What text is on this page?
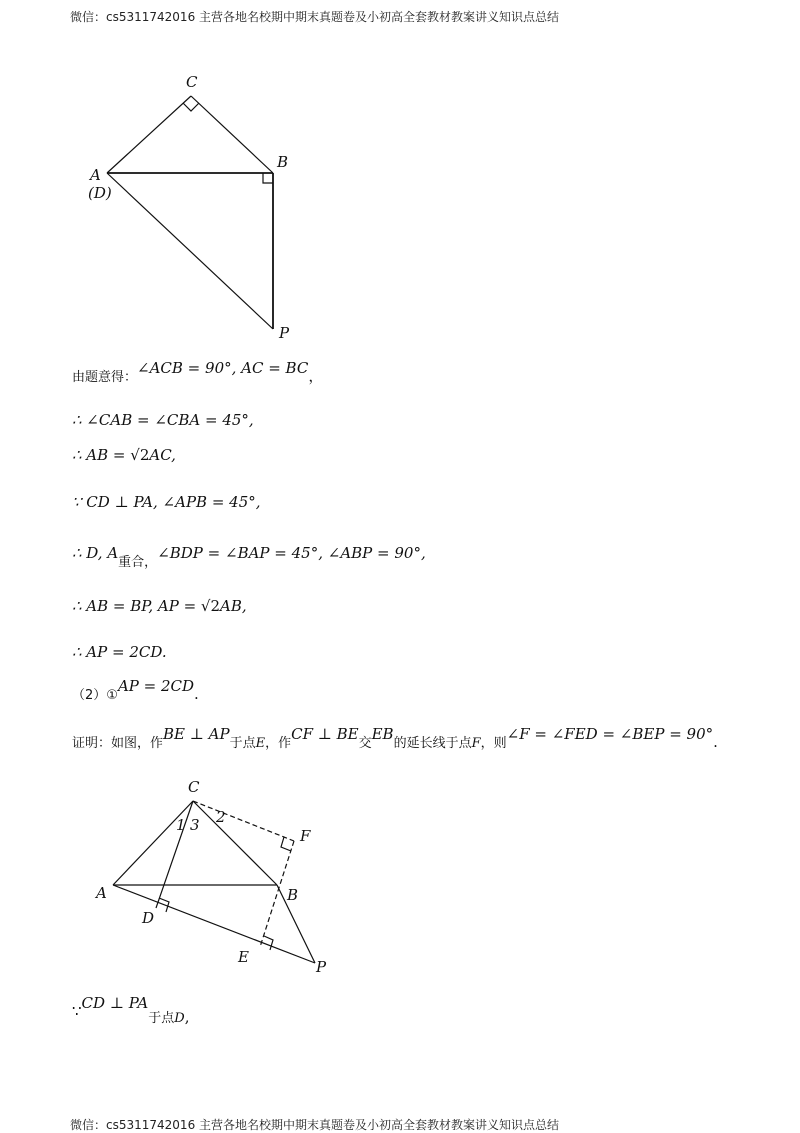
微信：cs5311742016 主营各地名校期中期末真题卷及小初高全套教材教案讲义知识点总结
C
B
A
(D)
P
由题意得：∠ACB = 90°, AC = BC，
∴ ∠CAB = ∠CBA = 45°,
∴ AB = √2AC,
∵ CD ⊥ PA, ∠APB = 45°,
∴ D, A重合，∠BDP = ∠BAP = 45°, ∠ABP = 90°,
∴ AB = BP, AP = √2AB,
∴ AP = 2CD.
（2）①AP = 2CD.
证明：如图，作BE ⊥ AP于点E，作CF ⊥ BE交EB的延长线于点F，则∠F = ∠FED = ∠BEP = 90°.
C
1 3 2
F
A	B
D
E
P
∵CD ⊥ PA于点D,
微信：cs5311742016 主营各地名校期中期末真题卷及小初高全套教材教案讲义知识点总结
